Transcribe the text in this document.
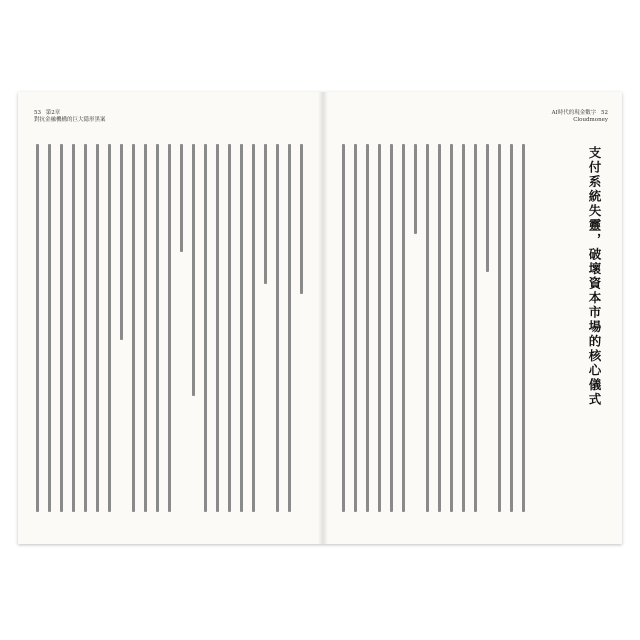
53 第2章
對抗金融機構的巨大隱形黑案
AI時代的現金數字 52
Cloudmoney
支付系統失靈，破壞資本市場的核心儀式
